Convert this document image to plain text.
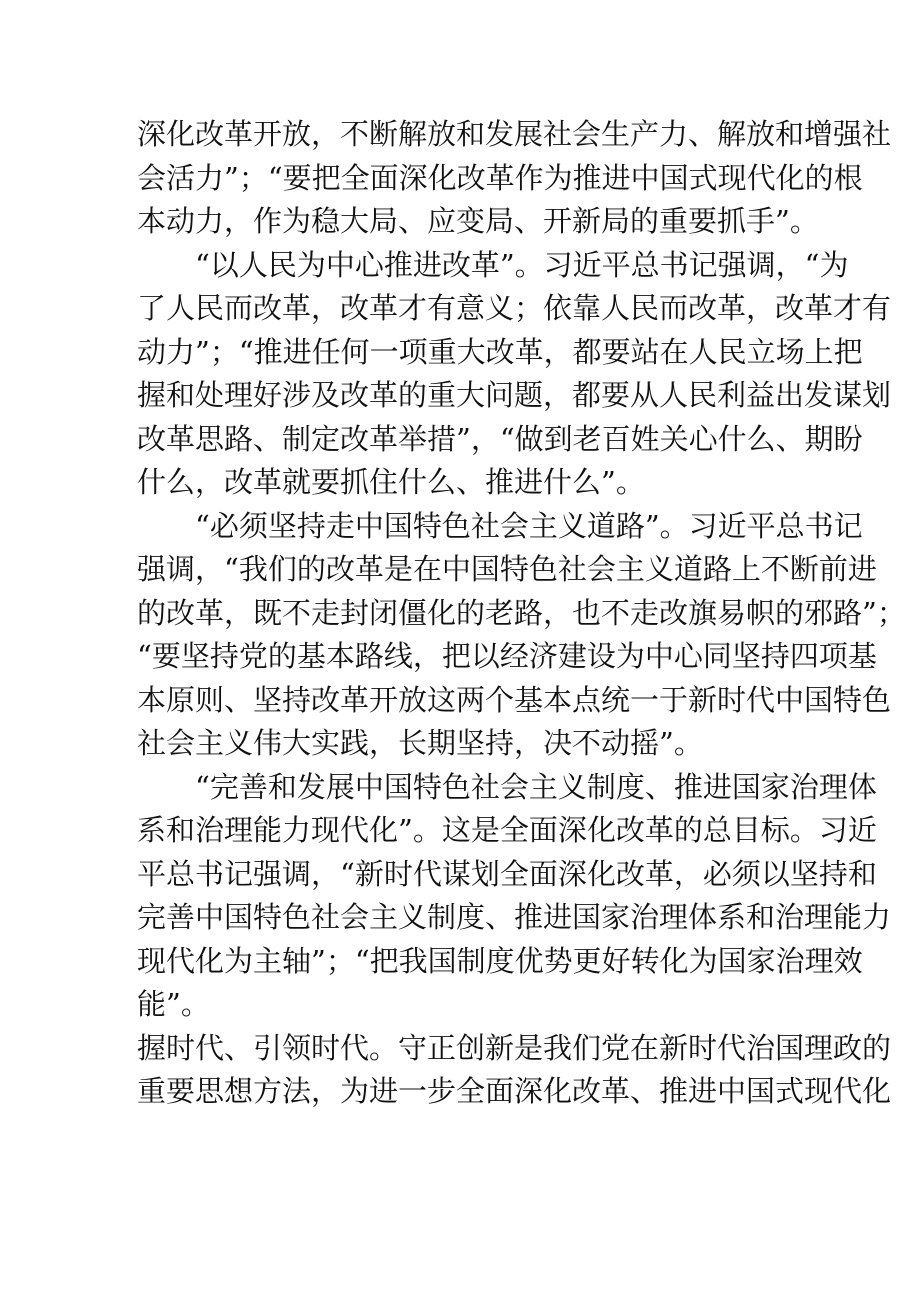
深化改革开放，不断解放和发展社会生产力、解放和增强社
会活力”；“要把全面深化改革作为推进中国式现代化的根
本动力，作为稳大局、应变局、开新局的重要抓手”。
“以人民为中心推进改革”。习近平总书记强调，“为
了人民而改革，改革才有意义；依靠人民而改革，改革才有
动力”；“推进任何一项重大改革，都要站在人民立场上把
握和处理好涉及改革的重大问题，都要从人民利益出发谋划
改革思路、制定改革举措”，“做到老百姓关心什么、期盼
什么，改革就要抓住什么、推进什么”。
“必须坚持走中国特色社会主义道路”。习近平总书记
强调，“我们的改革是在中国特色社会主义道路上不断前进
的改革，既不走封闭僵化的老路，也不走改旗易帜的邪路”；
“要坚持党的基本路线，把以经济建设为中心同坚持四项基
本原则、坚持改革开放这两个基本点统一于新时代中国特色
社会主义伟大实践，长期坚持，决不动摇”。
“完善和发展中国特色社会主义制度、推进国家治理体
系和治理能力现代化”。这是全面深化改革的总目标。习近
平总书记强调，“新时代谋划全面深化改革，必须以坚持和
完善中国特色社会主义制度、推进国家治理体系和治理能力
现代化为主轴”；“把我国制度优势更好转化为国家治理效
能”。
握时代、引领时代。守正创新是我们党在新时代治国理政的
重要思想方法，为进一步全面深化改革、推进中国式现代化
